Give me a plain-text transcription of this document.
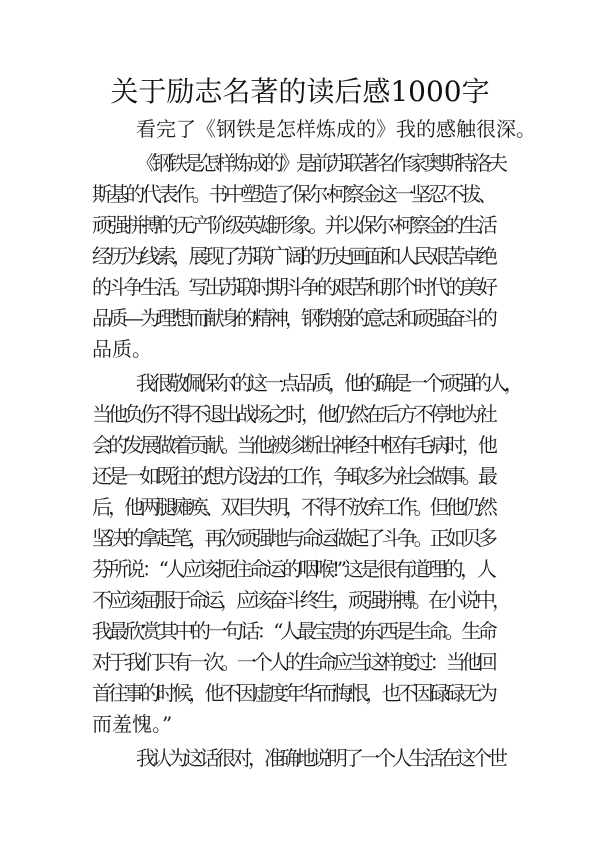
关于励志名著的读后感1000字
看完了《钢铁是怎样炼成的》我的感触很深。
《钢铁是怎样炼成的》是前苏联著名作家奥斯特洛夫
斯基的代表作。书中塑造了保尔·柯察金这一坚忍不拔、
顽强拼搏的无产阶级英雄形象。并以保尔·柯察金的生活
经历为线索，展现了苏联广阔的历史画面和人民艰苦卓绝
的斗争生活。写出苏联时期斗争的艰苦和那个时代的美好
品质—为理想而献身的精神，钢铁般的意志和顽强奋斗的
品质。
我很敬佩保尔的这一点品质，他的确是一个顽强的人，
当他负伤不得不退出战场之时，他仍然在后方不停地为社
会的发展做着贡献。当他被诊断出神经中枢有毛病时，他
还是一如既往的想方设法的工作，争取多为社会做事。最
后，他两腿瘫痪、双目失明，不得不放弃工作。但他仍然
坚决的拿起笔，再次顽强地与命运做起了斗争。正如贝多
芬所说：“人应该扼住命运的咽喉!”这是很有道理的，人
不应该屈服于命运，应该奋斗终生，顽强拼搏。在小说中，
我最欣赏其中的一句话：“人最宝贵的东西是生命。生命
对于我们只有一次。一个人的生命应当这样度过：当他回
首往事的时候，他不因虚度年华而悔恨，也不因碌碌无为
而羞愧。”
我认为这话很对，准确地说明了一个人生活在这个世
